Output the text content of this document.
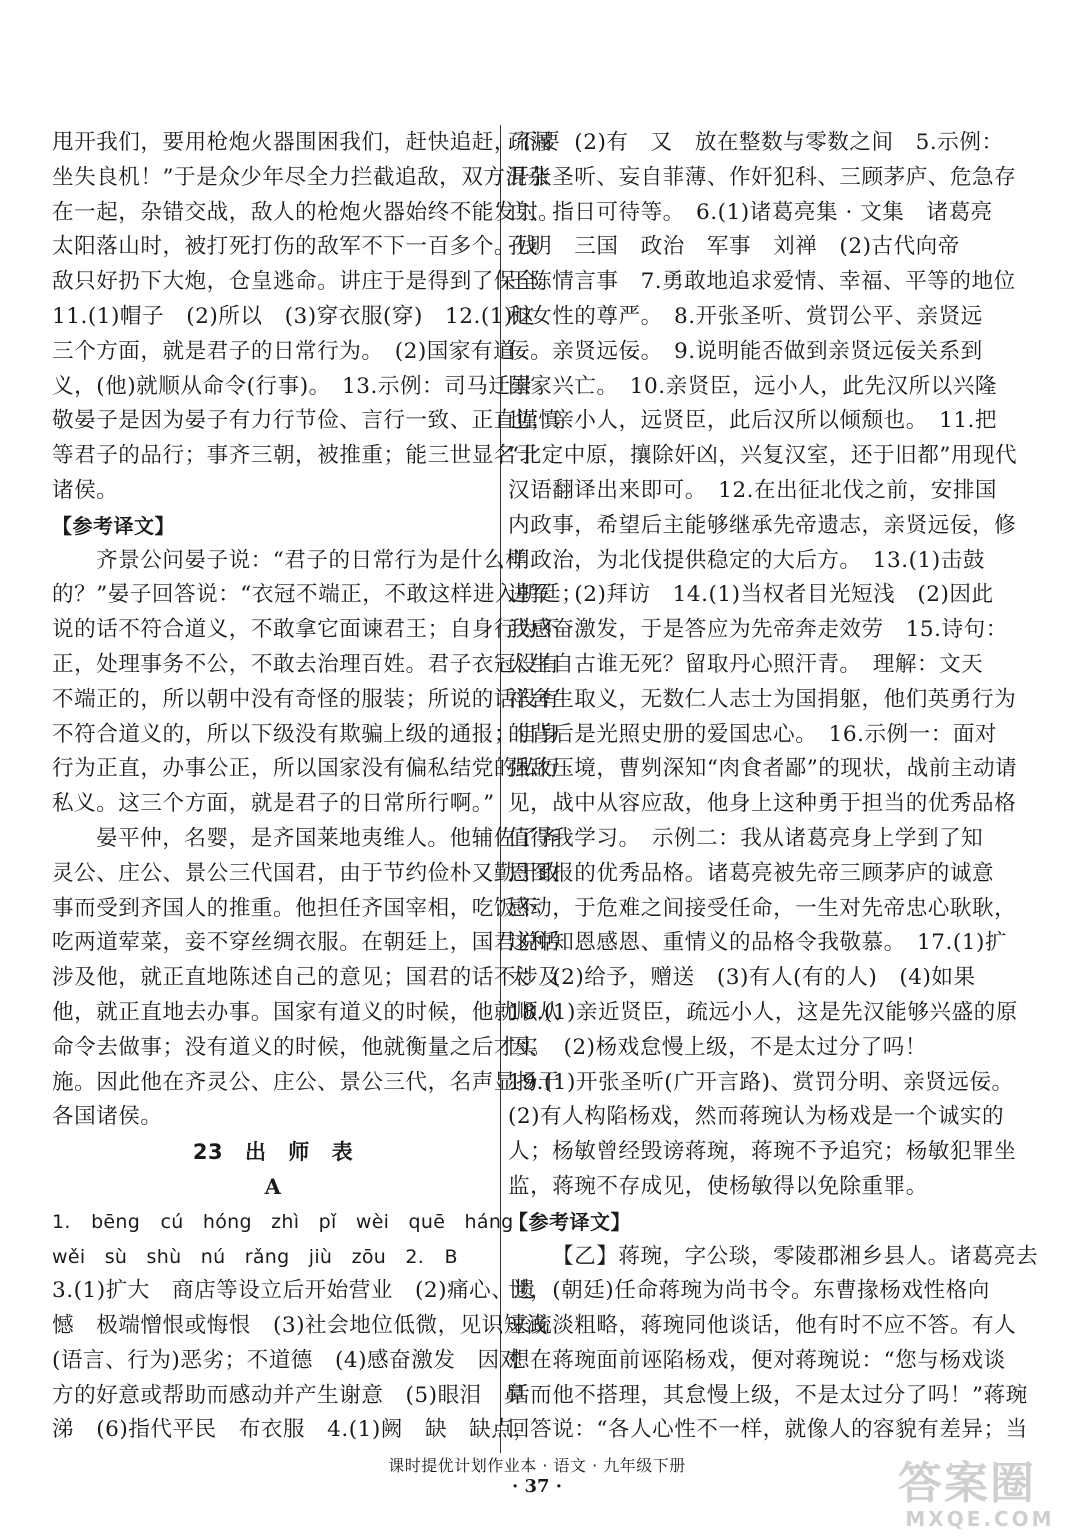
甩开我们，要用枪炮火器围困我们，赶快追赶，不要
坐失良机！”于是众少年尽全力拦截追敌，双方混杂
在一起，杂错交战，敌人的枪炮火器始终不能发射。
太阳落山时，被打死打伤的敌军不下一百多个。残
敌只好扔下大炮，仓皇逃命。讲庄于是得到了保全。
11.(1)帽子　(2)所以　(3)穿衣服(穿)　12.(1)这
三个方面，就是君子的日常行为。　(2)国家有道
义，(他)就顺从命令(行事)。　13.示例：司马迁崇
敬晏子是因为晏子有力行节俭、言行一致、正直谨慎
等君子的品行；事齐三朝，被推重；能三世显名于
诸侯。
【参考译文】
齐景公问晏子说：“君子的日常行为是什么样
的？”晏子回答说：“衣冠不端正，不敢这样进入朝廷；
说的话不符合道义，不敢拿它面谏君王；自身行为不
正，处理事务不公，不敢去治理百姓。君子衣冠没有
不端正的，所以朝中没有奇怪的服装；所说的话没有
不符合道义的，所以下级没有欺骗上级的通报；自身
行为正直，办事公正，所以国家没有偏私结党的私行
私义。这三个方面，就是君子的日常所行啊。”
晏平仲，名婴，是齐国莱地夷维人。他辅佐了齐
灵公、庄公、景公三代国君，由于节约俭朴又勤于政
事而受到齐国人的推重。他担任齐国宰相，吃饭不
吃两道荤菜，妾不穿丝绸衣服。在朝廷上，国君说话
涉及他，就正直地陈述自己的意见；国君的话不涉及
他，就正直地去办事。国家有道义的时候，他就顺从
命令去做事；没有道义的时候，他就衡量之后才实
施。因此他在齐灵公、庄公、景公三代，名声显扬于
各国诸侯。
23 出 师 表
A
1. bēng cú　hóng　zhì　pǐ　wèi　quē　háng
wěi　sù　shù　nú　rǎng　jiù　zōu　2. B
3.(1)扩大　商店等设立后开始营业　(2)痛心、遗
憾　极端憎恨或悔恨　(3)社会地位低微，见识短浅
(语言、行为)恶劣；不道德　(4)感奋激发　因对
方的好意或帮助而感动并产生谢意　(5)眼泪　鼻
涕　(6)指代平民　布衣服　4.(1)阙　缺　缺点，
疏漏　(2)有　又　放在整数与零数之间　5.示例：
开张圣听、妄自菲薄、作奸犯科、三顾茅庐、危急存
亡、指日可待等。　6.(1)诸葛亮集 · 文集　诸葛亮
孔明　三国　政治　军事　刘禅　(2)古代向帝
王陈情言事　7.勇敢地追求爱情、幸福、平等的地位
和女性的尊严。　8.开张圣听、赏罚公平、亲贤远
佞。亲贤远佞。　9.说明能否做到亲贤远佞关系到
国家兴亡。　10.亲贤臣，远小人，此先汉所以兴隆
也；亲小人，远贤臣，此后汉所以倾颓也。　11.把
“北定中原，攘除奸凶，兴复汉室，还于旧都”用现代
汉语翻译出来即可。　12.在出征北伐之前，安排国
内政事，希望后主能够继承先帝遗志，亲贤远佞，修
明政治，为北伐提供稳定的大后方。　13.(1)击鼓
进军　(2)拜访　14.(1)当权者目光短浅　(2)因此
我感奋激发，于是答应为先帝奔走效劳　15.诗句：
人生自古谁无死？留取丹心照汗青。　理解：文天
祥舍生取义，无数仁人志士为国捐躯，他们英勇行为
的背后是光照史册的爱国忠心。　16.示例一：面对
强敌压境，曹刿深知“肉食者鄙”的现状，战前主动请
见，战中从容应敌，他身上这种勇于担当的优秀品格
值得我学习。　示例二：我从诸葛亮身上学到了知
恩图报的优秀品格。诸葛亮被先帝三顾茅庐的诚意
感动，于危难之间接受任命，一生对先帝忠心耿耿，
这种知恩感恩、重情义的品格令我敬慕。　17.(1)扩
大　(2)给予，赠送　(3)有人(有的人)　(4)如果
18.(1)亲近贤臣，疏远小人，这是先汉能够兴盛的原
因。　(2)杨戏怠慢上级，不是太过分了吗！
19.(1)开张圣听(广开言路)、赏罚分明、亲贤远佞。
(2)有人构陷杨戏，然而蒋琬认为杨戏是一个诚实的
人；杨敏曾经毁谤蒋琬，蒋琬不予追究；杨敏犯罪坐
监，蒋琬不存成见，使杨敏得以免除重罪。
【参考译文】
【乙】蒋琬，字公琰，零陵郡湘乡县人。诸葛亮去
世，(朝廷)任命蒋琬为尚书令。东曹掾杨戏性格向
来疏淡粗略，蒋琬同他谈话，他有时不应不答。有人
想在蒋琬面前诬陷杨戏，便对蒋琬说：“您与杨戏谈
话而他不搭理，其怠慢上级，不是太过分了吗！”蒋琬
回答说：“各人心性不一样，就像人的容貌有差异；当
课时提优计划作业本 · 语文 · 九年级下册
· 37 ·	答案圈
MXQE.COM
